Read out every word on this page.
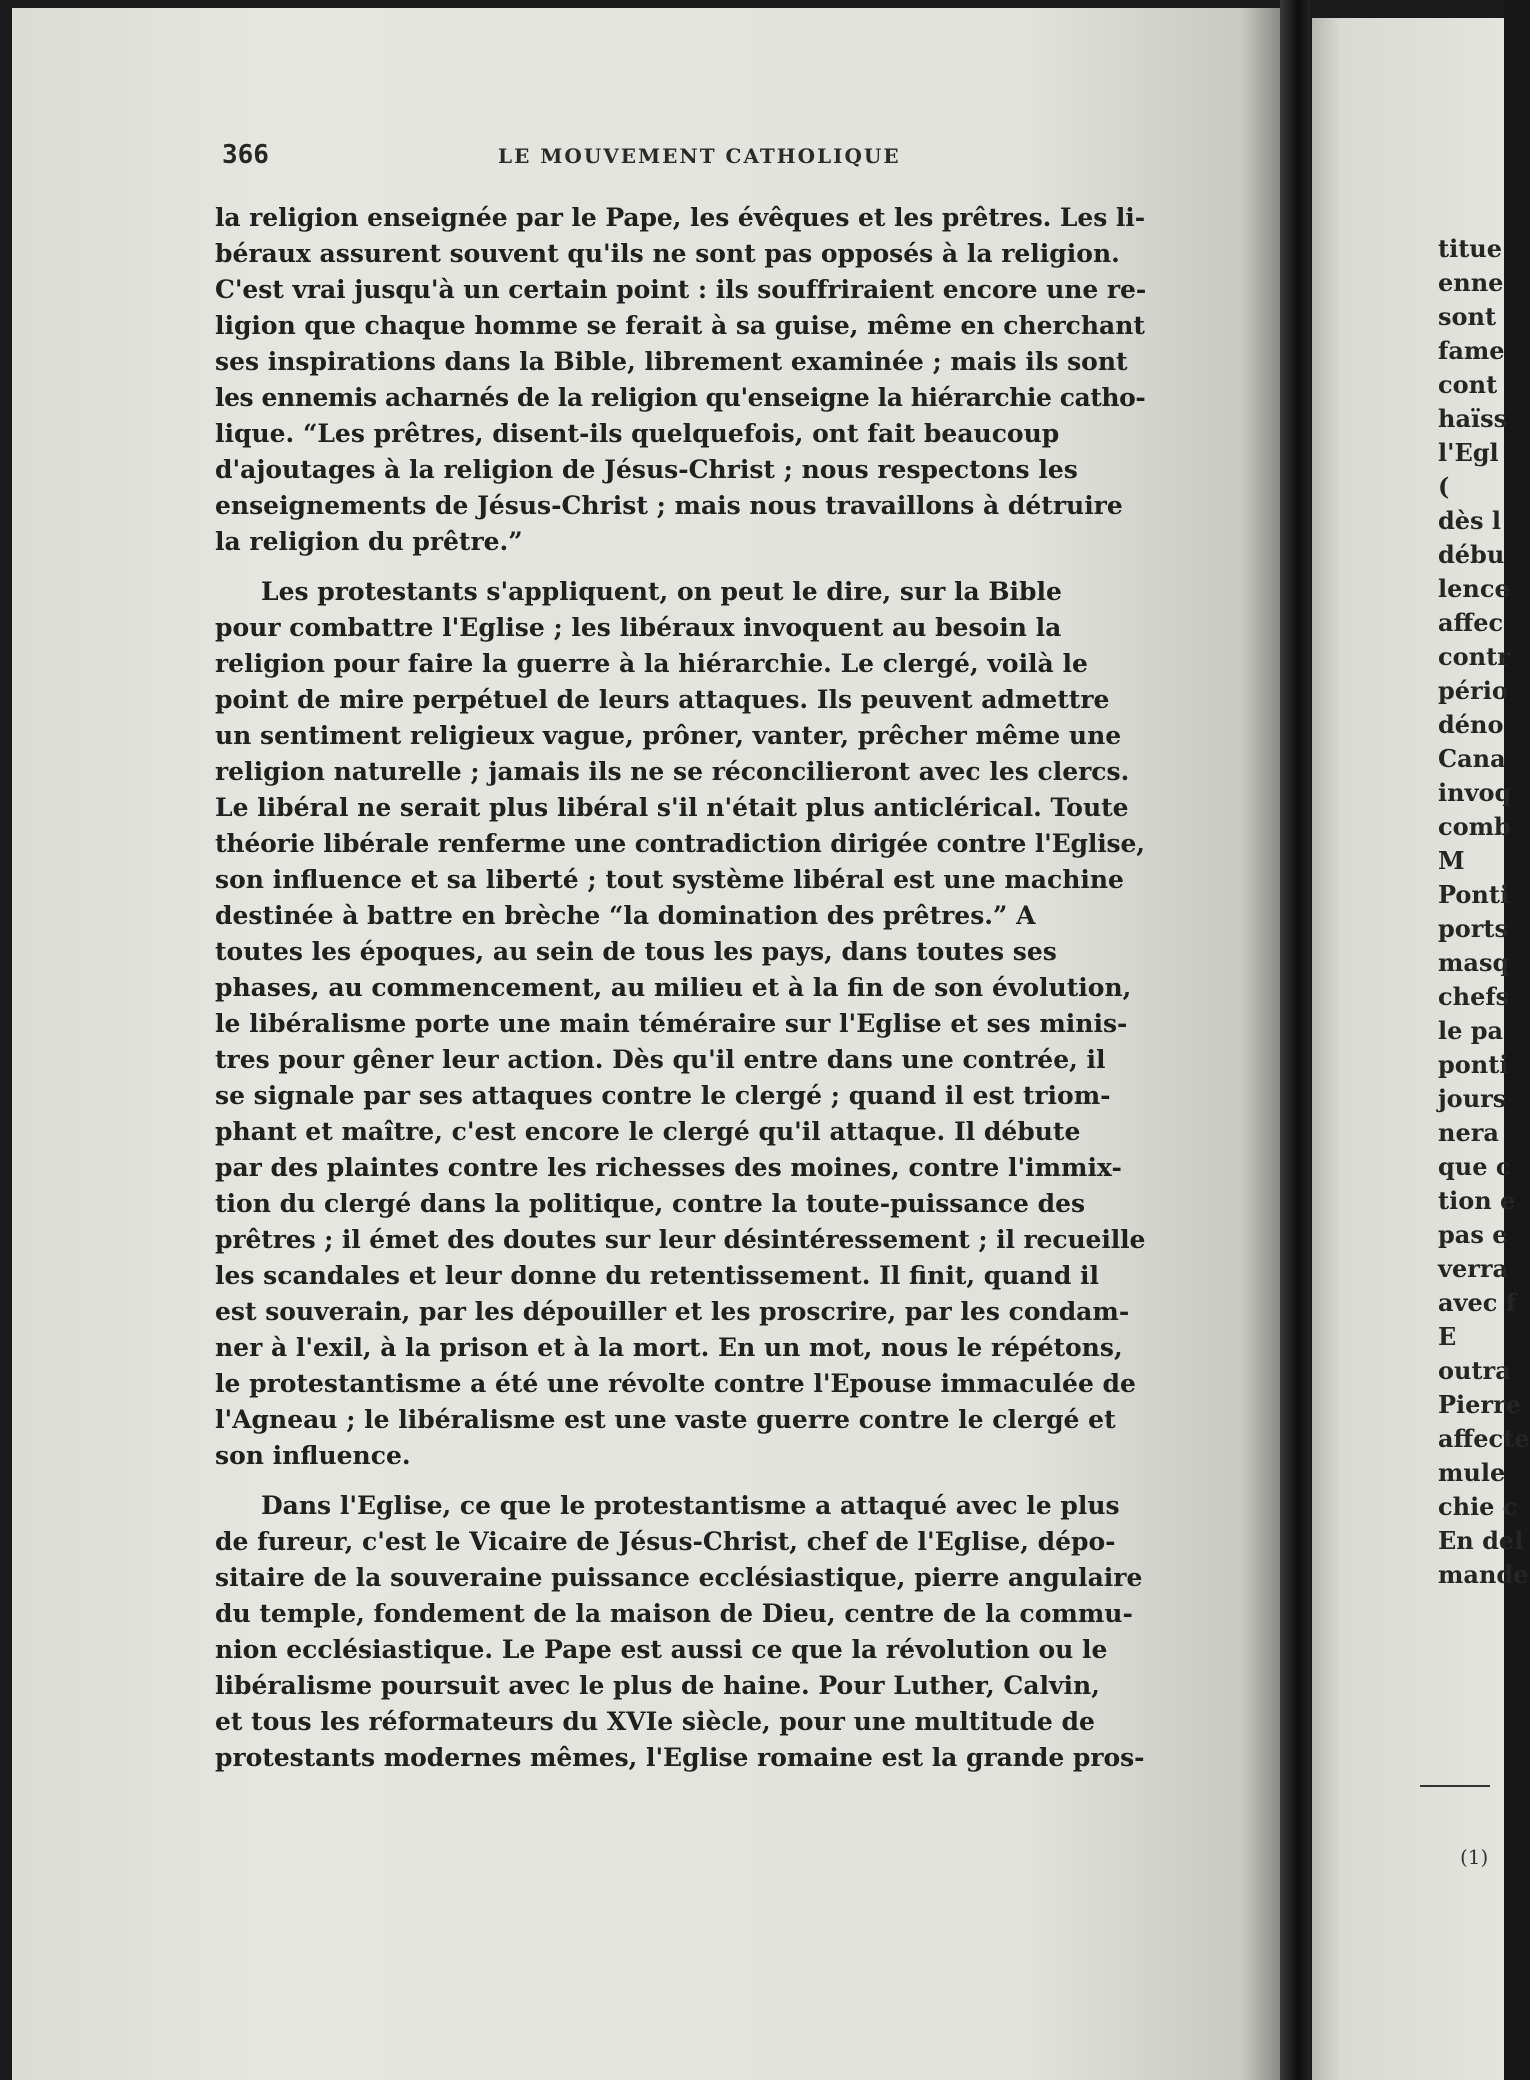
366	LE MOUVEMENT CATHOLIQUE
la religion enseignée par le Pape, les évêques et les prêtres. Les li-
béraux assurent souvent qu'ils ne sont pas opposés à la religion.
C'est vrai jusqu'à un certain point : ils souffriraient encore une re-
ligion que chaque homme se ferait à sa guise, même en cherchant
ses inspirations dans la Bible, librement examinée ; mais ils sont
les ennemis acharnés de la religion qu'enseigne la hiérarchie catho-
lique. “Les prêtres, disent-ils quelquefois, ont fait beaucoup
d'ajoutages à la religion de Jésus-Christ ; nous respectons les
enseignements de Jésus-Christ ; mais nous travaillons à détruire
la religion du prêtre.”
Les protestants s'appliquent, on peut le dire, sur la Bible
pour combattre l'Eglise ; les libéraux invoquent au besoin la
religion pour faire la guerre à la hiérarchie. Le clergé, voilà le
point de mire perpétuel de leurs attaques. Ils peuvent admettre
un sentiment religieux vague, prôner, vanter, prêcher même une
religion naturelle ; jamais ils ne se réconcilieront avec les clercs.
Le libéral ne serait plus libéral s'il n'était plus anticlérical. Toute
théorie libérale renferme une contradiction dirigée contre l'Eglise,
son influence et sa liberté ; tout système libéral est une machine
destinée à battre en brèche “la domination des prêtres.” A
toutes les époques, au sein de tous les pays, dans toutes ses
phases, au commencement, au milieu et à la fin de son évolution,
le libéralisme porte une main téméraire sur l'Eglise et ses minis-
tres pour gêner leur action. Dès qu'il entre dans une contrée, il
se signale par ses attaques contre le clergé ; quand il est triom-
phant et maître, c'est encore le clergé qu'il attaque. Il débute
par des plaintes contre les richesses des moines, contre l'immix-
tion du clergé dans la politique, contre la toute-puissance des
prêtres ; il émet des doutes sur leur désintéressement ; il recueille
les scandales et leur donne du retentissement. Il finit, quand il
est souverain, par les dépouiller et les proscrire, par les condam-
ner à l'exil, à la prison et à la mort. En un mot, nous le répétons,
le protestantisme a été une révolte contre l'Epouse immaculée de
l'Agneau ; le libéralisme est une vaste guerre contre le clergé et
son influence.
Dans l'Eglise, ce que le protestantisme a attaqué avec le plus
de fureur, c'est le Vicaire de Jésus-Christ, chef de l'Eglise, dépo-
sitaire de la souveraine puissance ecclésiastique, pierre angulaire
du temple, fondement de la maison de Dieu, centre de la commu-
nion ecclésiastique. Le Pape est aussi ce que la révolution ou le
libéralisme poursuit avec le plus de haine. Pour Luther, Calvin,
et tous les réformateurs du XVIe siècle, pour une multitude de
protestants modernes mêmes, l'Eglise romaine est la grande pros-
titue
enne
sont
fame
cont
haïss
l'Egl
(
dès l
débu
lence
affec
contr
pério
déno
Cana
invoq
comb
M
Ponti
ports
masq
chefs
le pa
ponti
jours
nera
que c
tion e
pas e
verra
avec f
E
outra
Pierre
affecte
mule
chie c
En del
mande
(1)
